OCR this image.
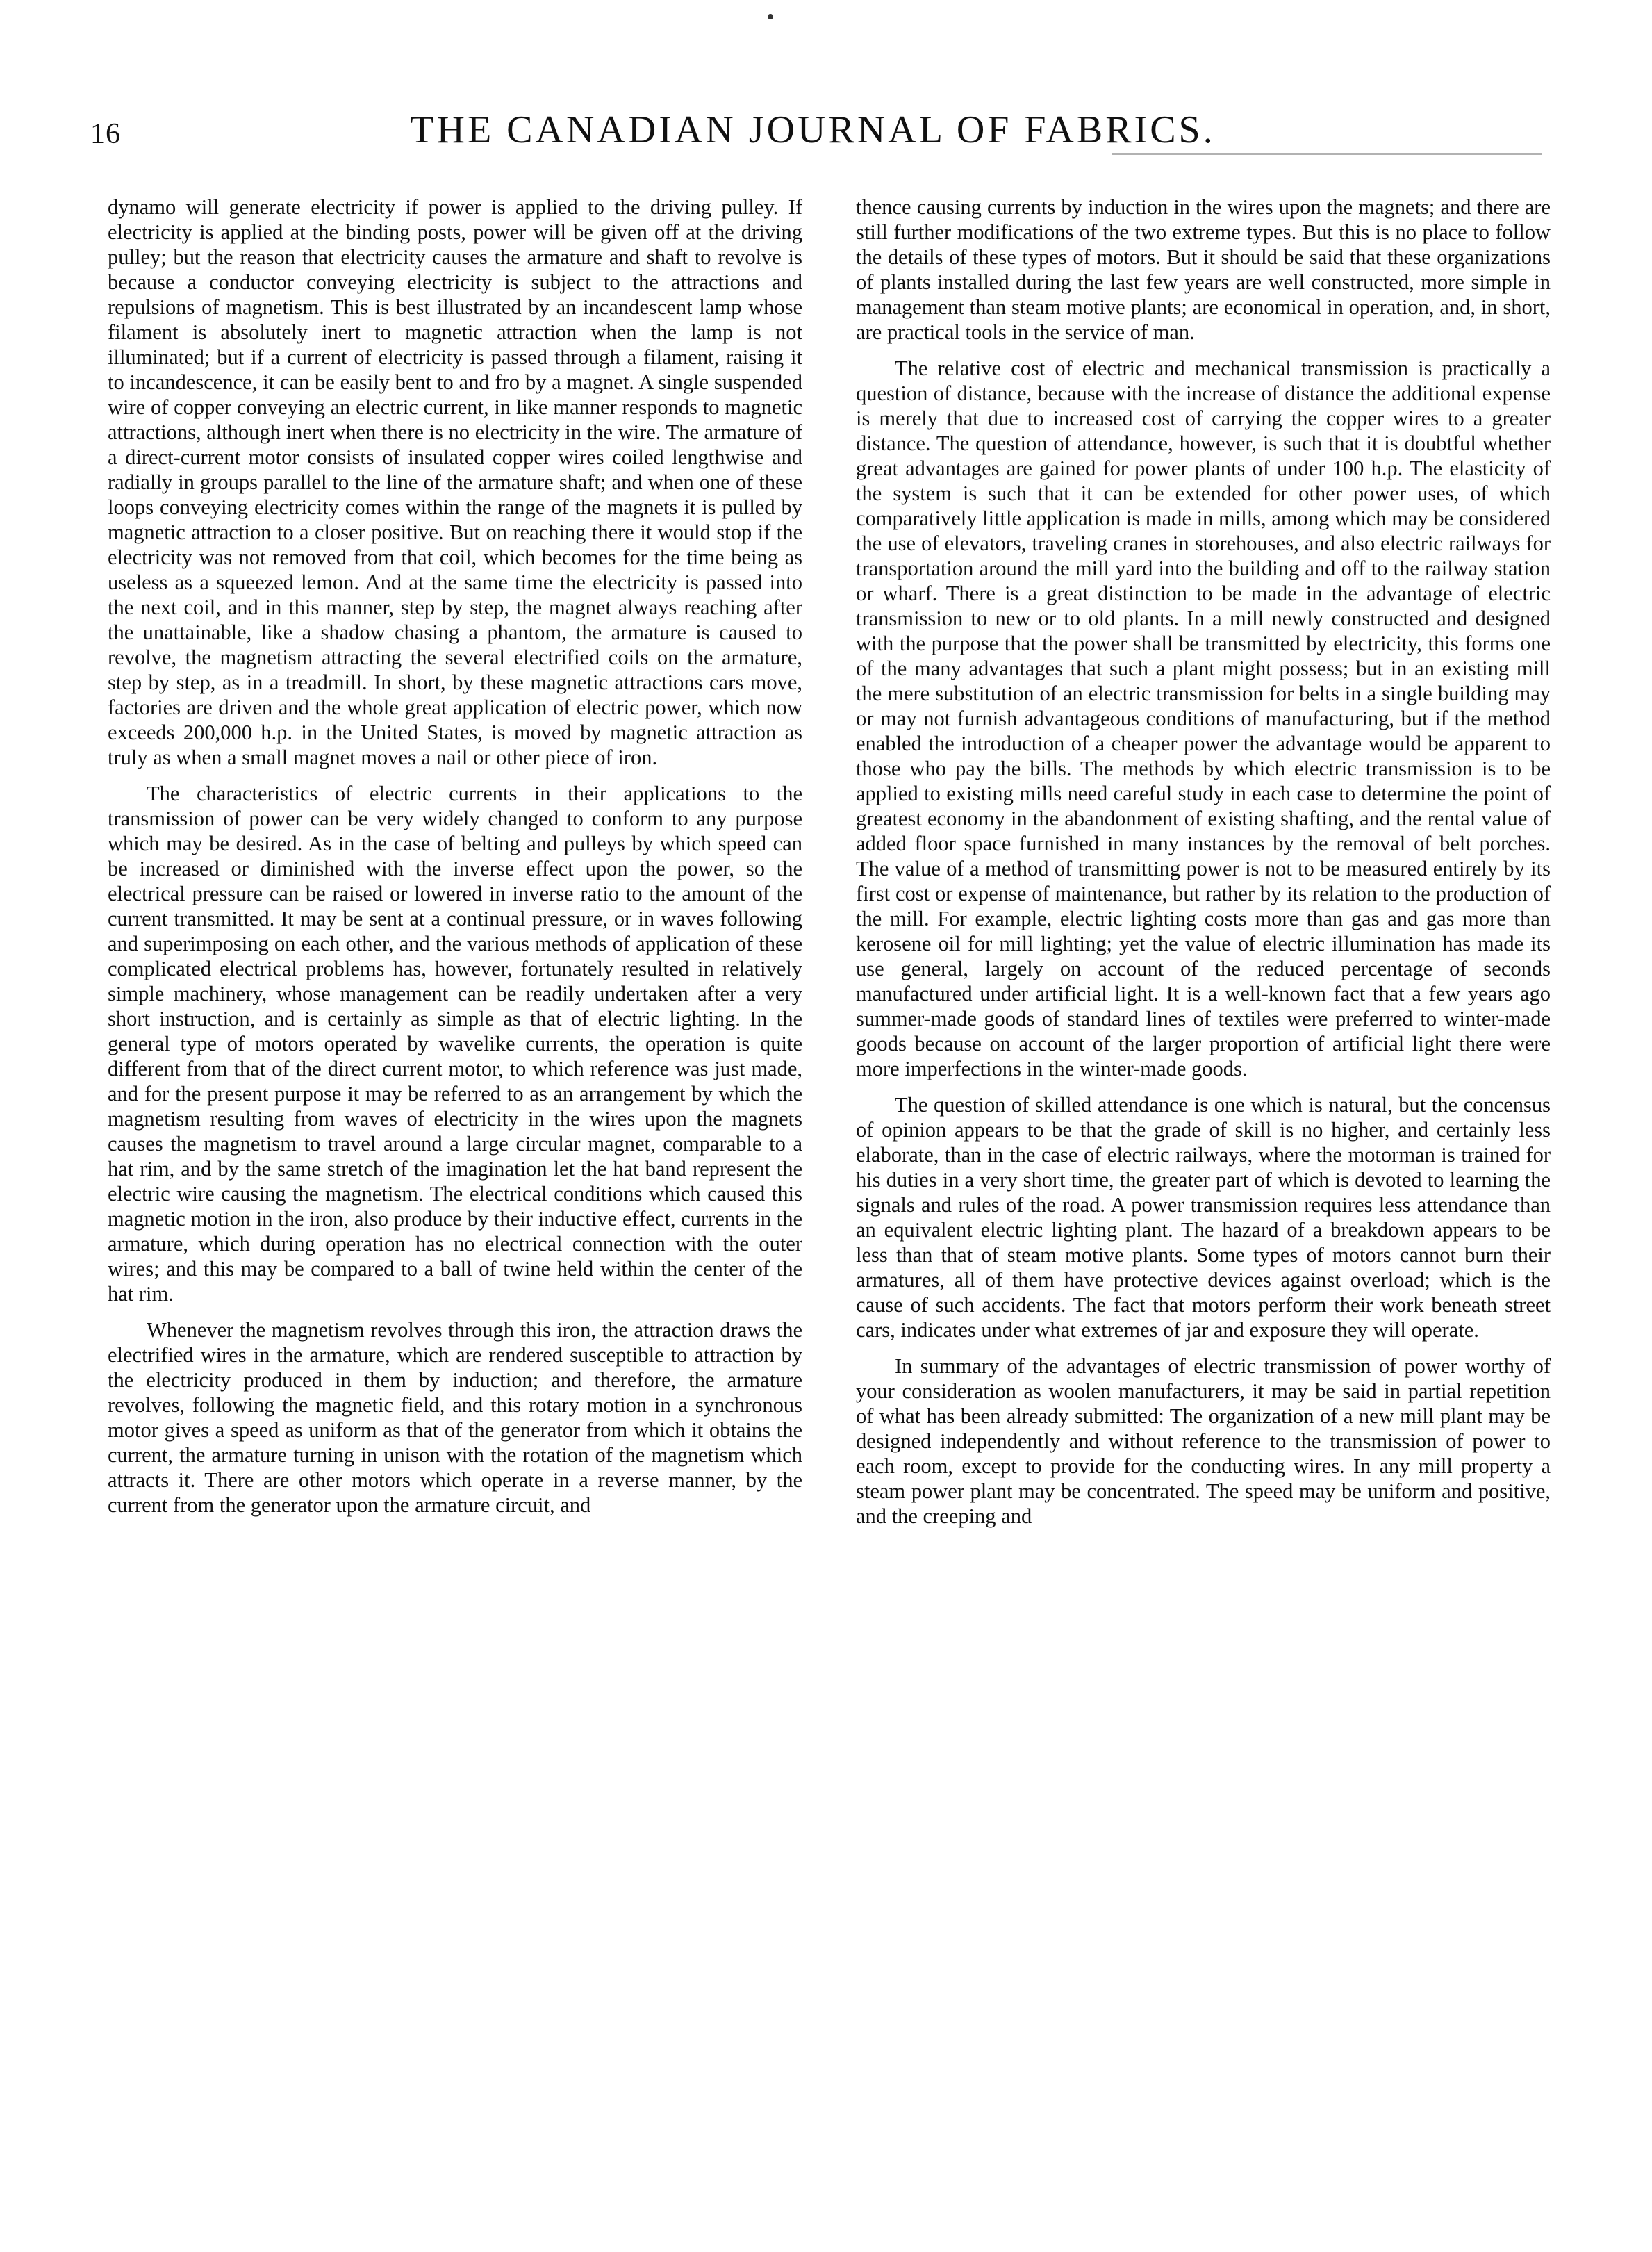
16	THE CANADIAN JOURNAL OF FABRICS.

dynamo will generate electricity if power is applied to the driving pulley. If electricity is applied at the binding posts, power will be given off at the driving pulley; but the reason that electricity causes the armature and shaft to revolve is because a conductor conveying electricity is subject to the attractions and repulsions of magnetism. This is best illustrated by an incandescent lamp whose filament is absolutely inert to magnetic attraction when the lamp is not illuminated; but if a current of electricity is passed through a filament, raising it to incandescence, it can be easily bent to and fro by a magnet. A single suspended wire of copper conveying an electric current, in like manner responds to magnetic attractions, although inert when there is no electricity in the wire. The armature of a direct-current motor consists of insulated copper wires coiled lengthwise and radially in groups parallel to the line of the armature shaft; and when one of these loops conveying electricity comes within the range of the magnets it is pulled by magnetic attraction to a closer positive. But on reaching there it would stop if the electricity was not removed from that coil, which becomes for the time being as useless as a squeezed lemon. And at the same time the electricity is passed into the next coil, and in this manner, step by step, the magnet always reaching after the unattainable, like a shadow chasing a phantom, the armature is caused to revolve, the magnetism attracting the several electrified coils on the armature, step by step, as in a treadmill. In short, by these magnetic attractions cars move, factories are driven and the whole great application of electric power, which now exceeds 200,000 h.p. in the United States, is moved by magnetic attraction as truly as when a small magnet moves a nail or other piece of iron.

The characteristics of electric currents in their applications to the transmission of power can be very widely changed to conform to any purpose which may be desired. As in the case of belting and pulleys by which speed can be increased or diminished with the inverse effect upon the power, so the electrical pressure can be raised or lowered in inverse ratio to the amount of the current transmitted. It may be sent at a continual pressure, or in waves following and superimposing on each other, and the various methods of application of these complicated electrical problems has, however, fortunately resulted in relatively simple machinery, whose management can be readily undertaken after a very short instruction, and is certainly as simple as that of electric lighting. In the general type of motors operated by wavelike currents, the operation is quite different from that of the direct current motor, to which reference was just made, and for the present purpose it may be referred to as an arrangement by which the magnetism resulting from waves of electricity in the wires upon the magnets causes the magnetism to travel around a large circular magnet, comparable to a hat rim, and by the same stretch of the imagination let the hat band represent the electric wire causing the magnetism. The electrical conditions which caused this magnetic motion in the iron, also produce by their inductive effect, currents in the armature, which during operation has no electrical connection with the outer wires; and this may be compared to a ball of twine held within the center of the hat rim.

Whenever the magnetism revolves through this iron, the attraction draws the electrified wires in the armature, which are rendered susceptible to attraction by the electricity produced in them by induction; and therefore, the armature revolves, following the magnetic field, and this rotary motion in a synchronous motor gives a speed as uniform as that of the generator from which it obtains the current, the armature turning in unison with the rotation of the magnetism which attracts it. There are other motors which operate in a reverse manner, by the current from the generator upon the armature circuit, and

thence causing currents by induction in the wires upon the magnets; and there are still further modifications of the two extreme types. But this is no place to follow the details of these types of motors. But it should be said that these organizations of plants installed during the last few years are well constructed, more simple in management than steam motive plants; are economical in operation, and, in short, are practical tools in the service of man.

The relative cost of electric and mechanical transmission is practically a question of distance, because with the increase of distance the additional expense is merely that due to increased cost of carrying the copper wires to a greater distance. The question of attendance, however, is such that it is doubtful whether great advantages are gained for power plants of under 100 h.p. The elasticity of the system is such that it can be extended for other power uses, of which comparatively little application is made in mills, among which may be considered the use of elevators, traveling cranes in storehouses, and also electric railways for transportation around the mill yard into the building and off to the railway station or wharf. There is a great distinction to be made in the advantage of electric transmission to new or to old plants. In a mill newly constructed and designed with the purpose that the power shall be transmitted by electricity, this forms one of the many advantages that such a plant might possess; but in an existing mill the mere substitution of an electric transmission for belts in a single building may or may not furnish advantageous conditions of manufacturing, but if the method enabled the introduction of a cheaper power the advantage would be apparent to those who pay the bills. The methods by which electric transmission is to be applied to existing mills need careful study in each case to determine the point of greatest economy in the abandonment of existing shafting, and the rental value of added floor space furnished in many instances by the removal of belt porches. The value of a method of transmitting power is not to be measured entirely by its first cost or expense of maintenance, but rather by its relation to the production of the mill. For example, electric lighting costs more than gas and gas more than kerosene oil for mill lighting; yet the value of electric illumination has made its use general, largely on account of the reduced percentage of seconds manufactured under artificial light. It is a well-known fact that a few years ago summer-made goods of standard lines of textiles were preferred to winter-made goods because on account of the larger proportion of artificial light there were more imperfections in the winter-made goods.

The question of skilled attendance is one which is natural, but the concensus of opinion appears to be that the grade of skill is no higher, and certainly less elaborate, than in the case of electric railways, where the motorman is trained for his duties in a very short time, the greater part of which is devoted to learning the signals and rules of the road. A power transmission requires less attendance than an equivalent electric lighting plant. The hazard of a breakdown appears to be less than that of steam motive plants. Some types of motors cannot burn their armatures, all of them have protective devices against overload; which is the cause of such accidents. The fact that motors perform their work beneath street cars, indicates under what extremes of jar and exposure they will operate.

In summary of the advantages of electric transmission of power worthy of your consideration as woolen manufacturers, it may be said in partial repetition of what has been already submitted: The organization of a new mill plant may be designed independently and without reference to the transmission of power to each room, except to provide for the conducting wires. In any mill property a steam power plant may be concentrated. The speed may be uniform and positive, and the creeping and
